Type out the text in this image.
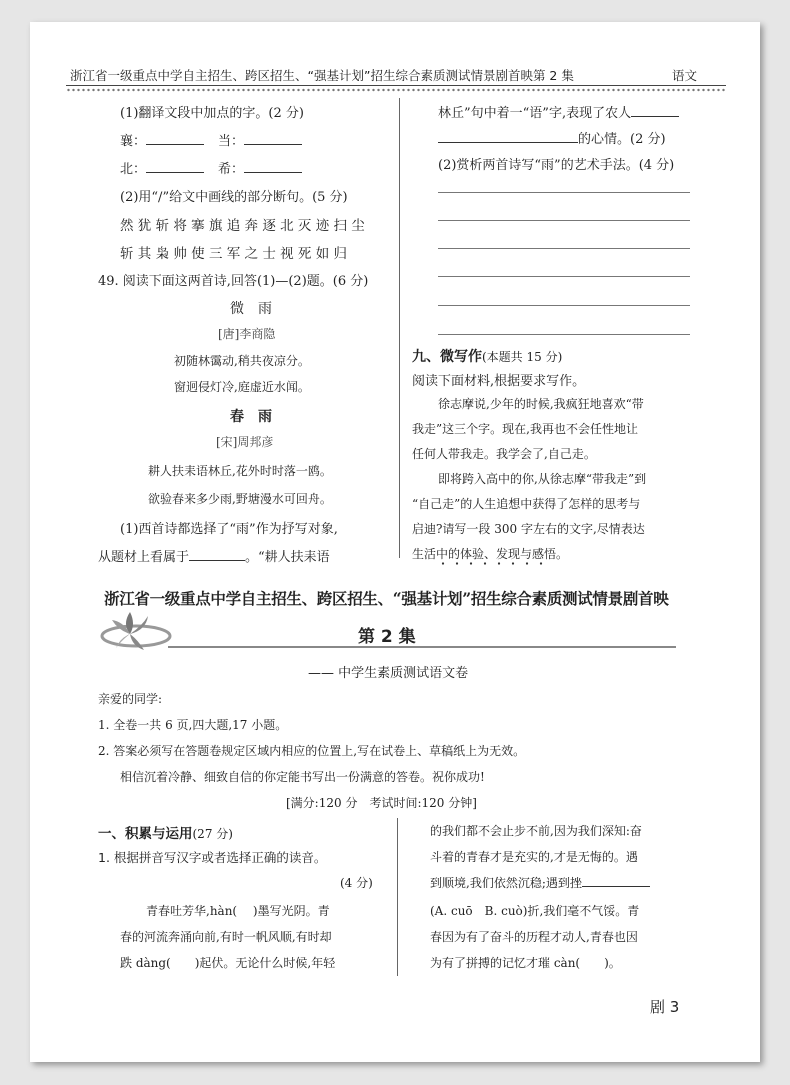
浙江省一级重点中学自主招生、跨区招生、“强基计划”招生综合素质测试情景剧首映第 2 集	语文
(1)翻译文段中加点的字。(2 分)
襄：	当：
北：	希：
(2)用“/”给文中画线的部分断句。(5 分)
然 犹 斩 将 搴 旗 追 奔 逐 北 灭 迹 扫 尘
斩 其 枭 帅 使 三 军 之 士 视 死 如 归
49. 阅读下面这两首诗,回答(1)—(2)题。(6 分)
微　雨
[唐]李商隐
初随林霭动,稍共夜凉分。
窗迥侵灯冷,庭虚近水闻。
春　雨
[宋]周邦彦
耕人扶耒语林丘,花外时时落一鸥。
欲验春来多少雨,野塘漫水可回舟。
(1)西首诗都选择了“雨”作为抒写对象,
从题材上看属于	。“耕人扶耒语
林丘”句中着一“语”字,表现了农人
的心情。(2 分)
(2)赏析两首诗写“雨”的艺术手法。(4 分)
九、微写作(本题共 15 分)
阅读下面材料,根据要求写作。
徐志摩说,少年的时候,我疯狂地喜欢“带
我走”这三个字。现在,我再也不会任性地让
任何人带我走。我学会了,自己走。
即将跨入高中的你,从徐志摩“带我走”到
“自己走”的人生追想中获得了怎样的思考与
启迪?请写一段 300 字左右的文字,尽情表达
生活中的体验、发现与感悟。
浙江省一级重点中学自主招生、跨区招生、“强基计划”招生综合素质测试情景剧首映
第 2 集
—— 中学生素质测试语文卷
亲爱的同学:
1. 全卷一共 6 页,四大题,17 小题。
2. 答案必须写在答题卷规定区域内相应的位置上,写在试卷上、草稿纸上为无效。
相信沉着冷静、细致自信的你定能书写出一份满意的答卷。祝你成功!
[满分:120 分　考试时间:120 分钟]
一、积累与运用(27 分)
1. 根据拼音写汉字或者选择正确的读音。
(4 分)
青春吐芳华,hàn(　 )墨写光阴。青
春的河流奔涌向前,有时一帆风顺,有时却
跌 dàng(　　)起伏。无论什么时候,年轻
的我们都不会止步不前,因为我们深知:奋
斗着的青春才是充实的,才是无悔的。遇
到顺境,我们依然沉稳;遇到挫
(A. cuō　B. cuò)折,我们毫不气馁。青
春因为有了奋斗的历程才动人,青春也因
为有了拼搏的记忆才璀 càn(　　)。
剧 3
